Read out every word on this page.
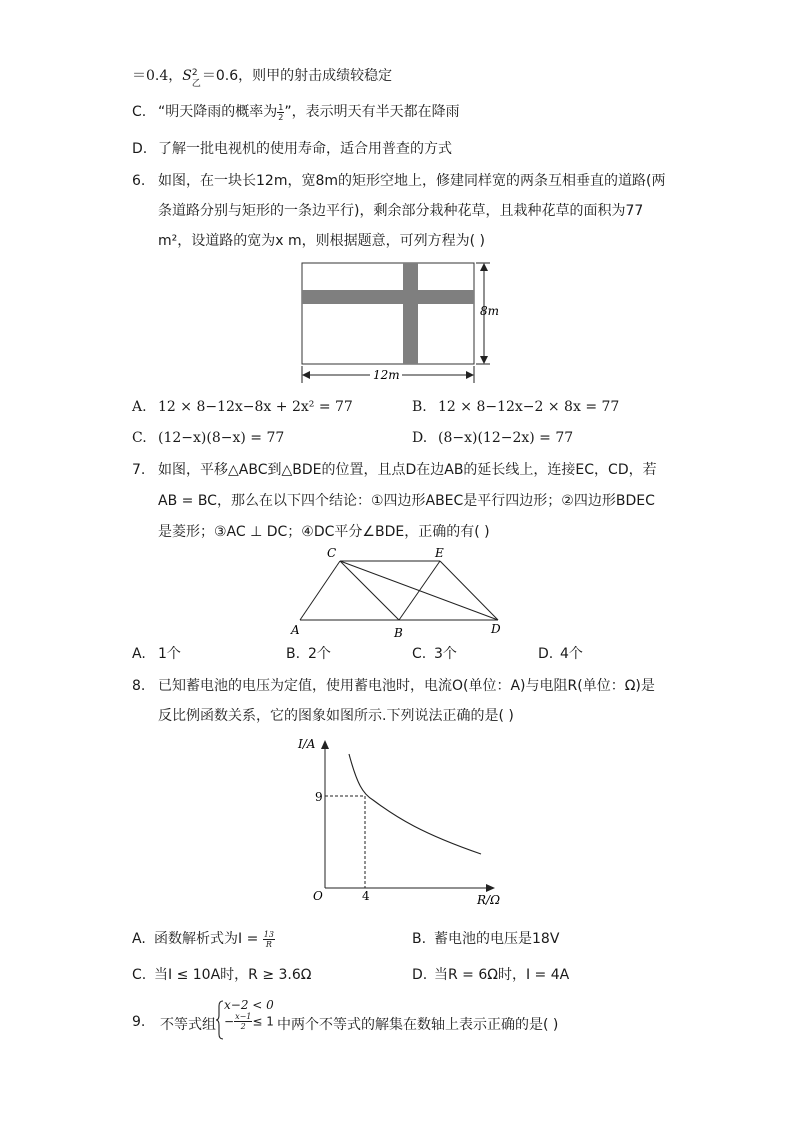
＝0.4，S 2
乙 ＝0.6，则甲的射击成绩较稳定
C. “明天降雨的概率为 $\frac{1}{2}$ ”，表示明天有半天都在降雨
D. 了解一批电视机的使用寿命，适合用普查的方式
6. 如图，在一块长12m，宽8m的矩形空地上，修建同样宽的两条互相垂直的道路(两
条道路分别与矩形的一条边平行)，剩余部分栽种花草，且栽种花草的面积为77
m²，设道路的宽为x m，则根据题意，可列方程为( )
8m
12m
A. 12 × 8−12x−8x + 2x² = 77	B. 12 × 8−12x−2 × 8x = 77
C. (12−x)(8−x) = 77	D. (8−x)(12−2x) = 77
7. 如图，平移△ABC到△BDE的位置，且点D在边AB的延长线上，连接EC，CD，若
AB = BC，那么在以下四个结论：①四边形ABEC是平行四边形；②四边形BDEC
是菱形；③AC ⊥ DC；④DC平分∠BDE，正确的有( )
C	E
A	B	D
A. 1个	B. 2个	C. 3个	D. 4个
8. 已知蓄电池的电压为定值，使用蓄电池时，电流O(单位：A)与电阻R(单位：Ω)是
反比例函数关系，它的图象如图所示.下列说法正确的是( )
I/A
9
O	4	R/Ω
A. 函数解析式为$I = \frac{13}{R}$	B. 蓄电池的电压是18V
C. 当I ≤ 10A时，R ≥ 3.6Ω	D. 当R = 6Ω时，I = 4A
9. 不等式组
x−2 < 0
− $\frac{x-1}{2} \le 1$ 中两个不等式的解集在数轴上表示正确的是( )
